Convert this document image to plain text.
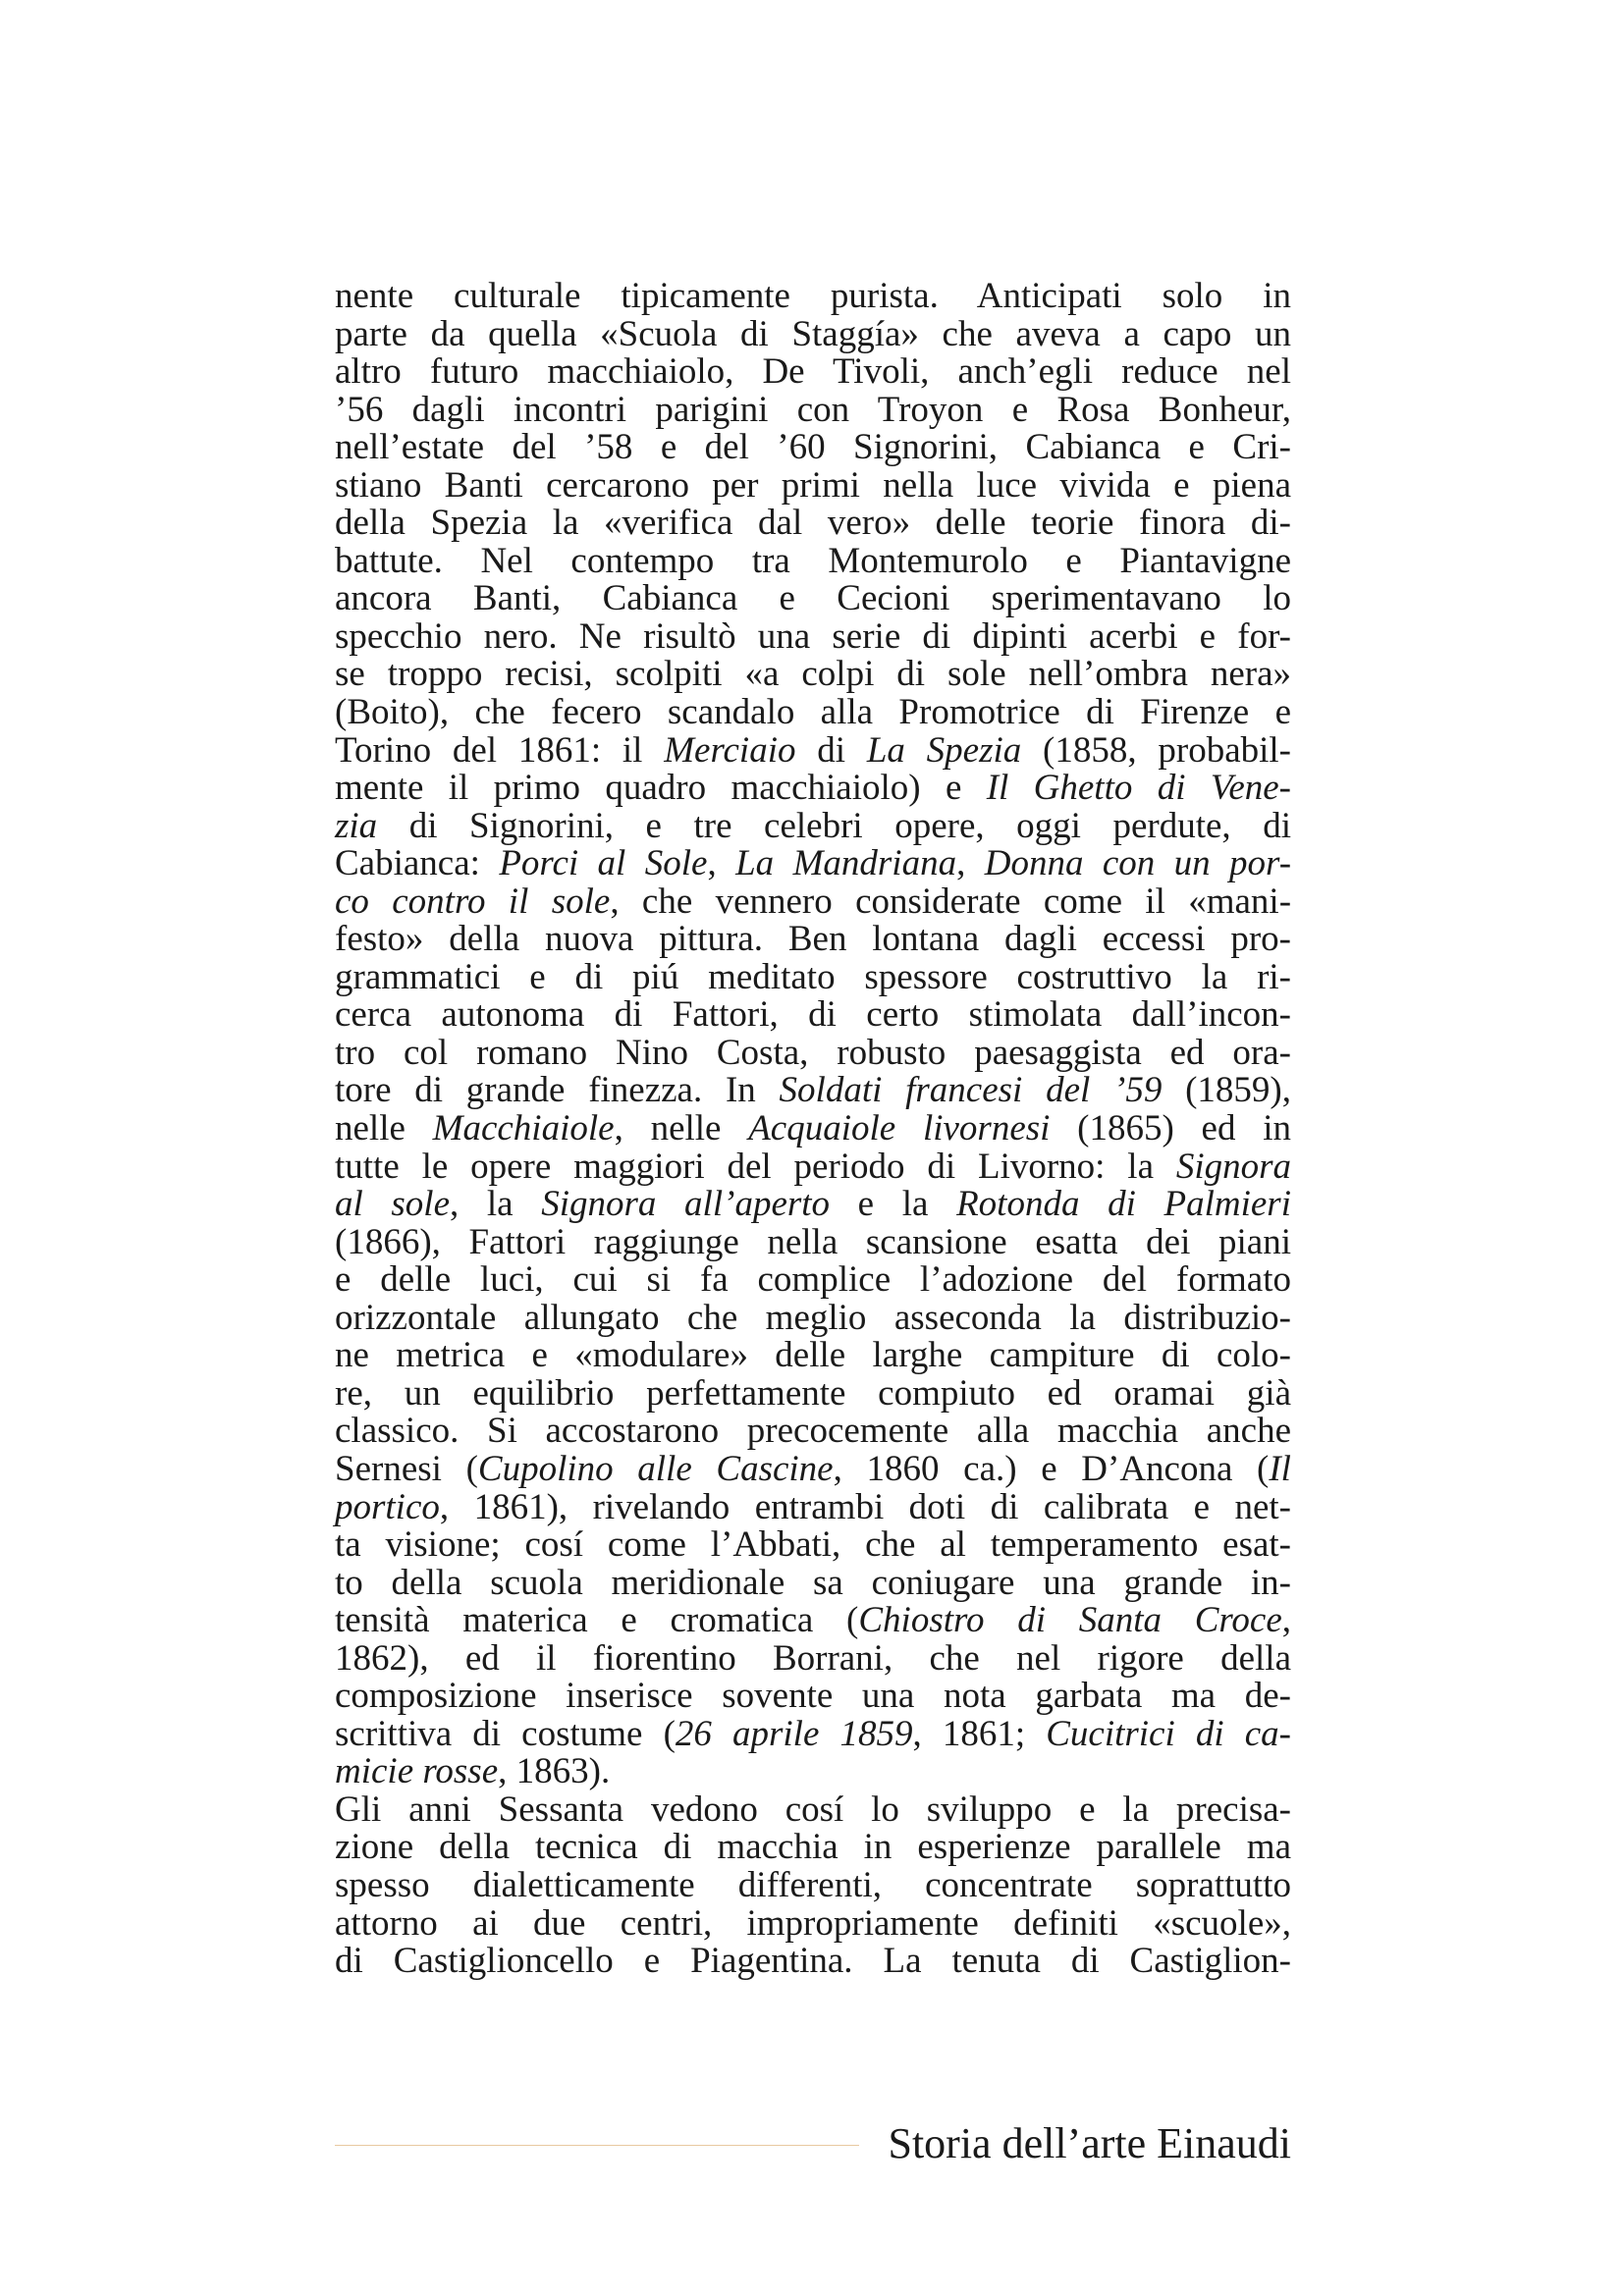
nente culturale tipicamente purista. Anticipati solo in
parte da quella «Scuola di Staggía» che aveva a capo un
altro futuro macchiaiolo, De Tivoli, anch’egli reduce nel
’56 dagli incontri parigini con Troyon e Rosa Bonheur,
nell’estate del ’58 e del ’60 Signorini, Cabianca e Cri-
stiano Banti cercarono per primi nella luce vivida e piena
della Spezia la «verifica dal vero» delle teorie finora di-
battute. Nel contempo tra Montemurolo e Piantavigne
ancora Banti, Cabianca e Cecioni sperimentavano lo
specchio nero. Ne risultò una serie di dipinti acerbi e for-
se troppo recisi, scolpiti «a colpi di sole nell’ombra nera»
(Boito), che fecero scandalo alla Promotrice di Firenze e
Torino del 1861: il Merciaio di La Spezia (1858, probabil-
mente il primo quadro macchiaiolo) e Il Ghetto di Vene-
zia di Signorini, e tre celebri opere, oggi perdute, di
Cabianca: Porci al Sole, La Mandriana, Donna con un por-
co contro il sole, che vennero considerate come il «mani-
festo» della nuova pittura. Ben lontana dagli eccessi pro-
grammatici e di piú meditato spessore costruttivo la ri-
cerca autonoma di Fattori, di certo stimolata dall’incon-
tro col romano Nino Costa, robusto paesaggista ed ora-
tore di grande finezza. In Soldati francesi del ’59 (1859),
nelle Macchiaiole, nelle Acquaiole livornesi (1865) ed in
tutte le opere maggiori del periodo di Livorno: la Signora
al sole, la Signora all’aperto e la Rotonda di Palmieri
(1866), Fattori raggiunge nella scansione esatta dei piani
e delle luci, cui si fa complice l’adozione del formato
orizzontale allungato che meglio asseconda la distribuzio-
ne metrica e «modulare» delle larghe campiture di colo-
re, un equilibrio perfettamente compiuto ed oramai già
classico. Si accostarono precocemente alla macchia anche
Sernesi (Cupolino alle Cascine, 1860 ca.) e D’Ancona (Il
portico, 1861), rivelando entrambi doti di calibrata e net-
ta visione; cosí come l’Abbati, che al temperamento esat-
to della scuola meridionale sa coniugare una grande in-
tensità materica e cromatica (Chiostro di Santa Croce,
1862), ed il fiorentino Borrani, che nel rigore della
composizione inserisce sovente una nota garbata ma de-
scrittiva di costume (26 aprile 1859, 1861; Cucitrici di ca-
micie rosse, 1863).
Gli anni Sessanta vedono cosí lo sviluppo e la precisa-
zione della tecnica di macchia in esperienze parallele ma
spesso dialetticamente differenti, concentrate soprattutto
attorno ai due centri, impropriamente definiti «scuole»,
di Castiglioncello e Piagentina. La tenuta di Castiglion-
Storia dell’arte Einaudi
